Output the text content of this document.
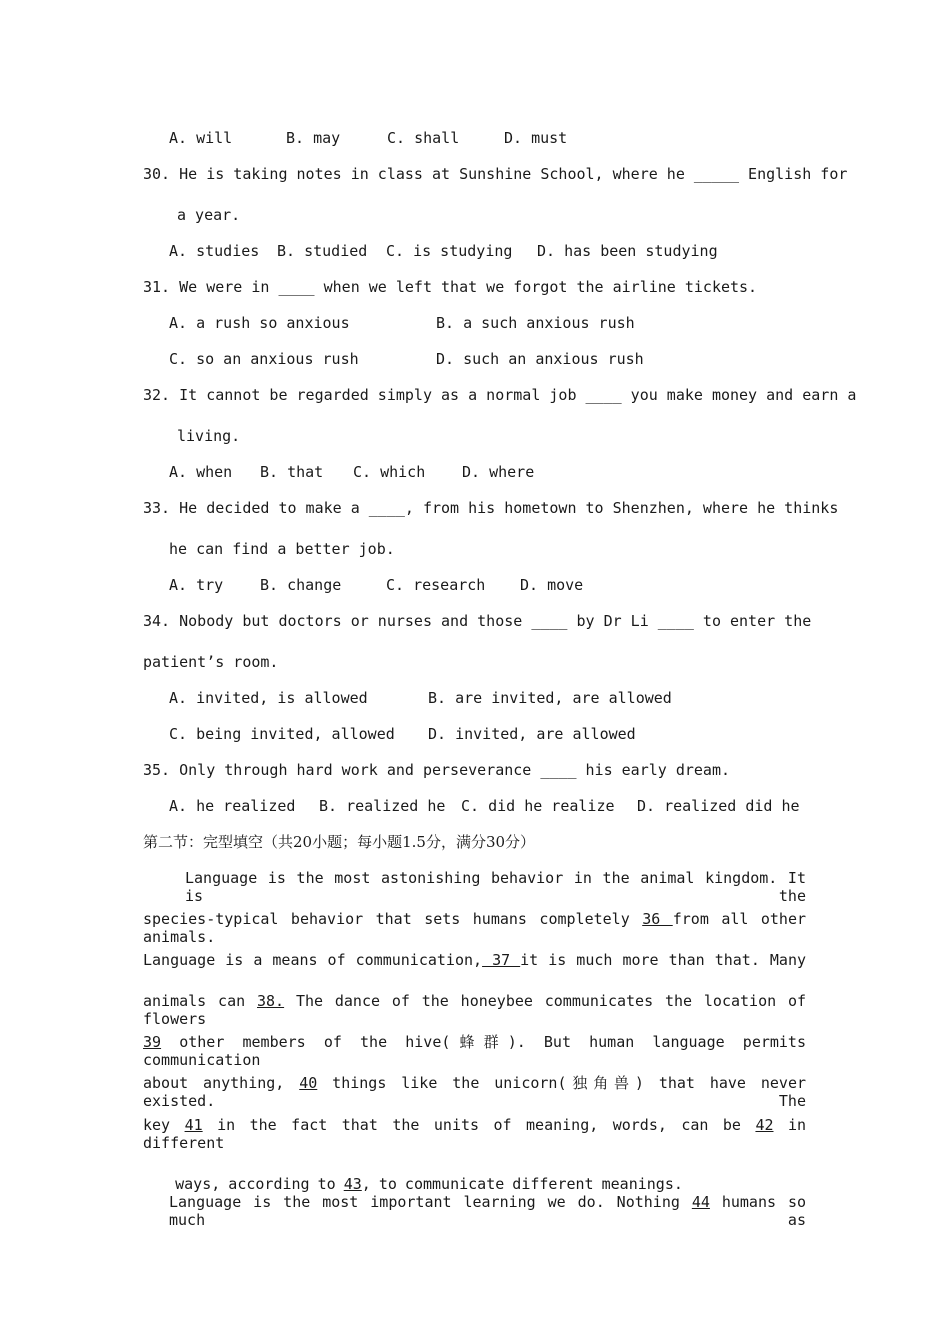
A. will	B. may	C. shall	D. must
30. He is taking notes in class at Sunshine School, where he _____ English for
a year.
A. studies	B. studied	C. is studying	D. has been studying
31. We were in ____ when we left that we forgot the airline tickets.
A. a rush so anxious	B. a such anxious rush
C. so an anxious rush	D. such an anxious rush
32. It cannot be regarded simply as a normal job ____ you make money and earn a
living.
A. when	B. that	C. which	D. where
33. He decided to make a ____, from his hometown to Shenzhen, where he thinks
he can find a better job.
A. try	B. change	C. research	D. move
34. Nobody but doctors or nurses and those ____ by Dr Li ____ to enter the
patient’s room.
A. invited, is allowed	B. are invited, are allowed
C. being invited, allowed	D. invited, are allowed
35. Only through hard work and perseverance ____ his early dream.
A. he realized	B. realized he	C. did he realize	D. realized did he
第二节：完型填空（共20小题；每小题1.5分，满分30分）
Language is the most astonishing behavior in the animal kingdom. It is the
species-typical behavior that sets humans completely 36 from all other animals.
Language is a means of communication, 37 it is much more than that. Many
animals can 38. The dance of the honeybee communicates the location of flowers
39 other members of the hive(蜂群). But human language permits communication
about anything, 40 things like the unicorn(独角兽) that have never existed. The
key 41 in the fact that the units of meaning, words, can be 42 in different

ways, according to 43, to communicate different meanings.

Language is the most important learning we do. Nothing 44 humans so much as
